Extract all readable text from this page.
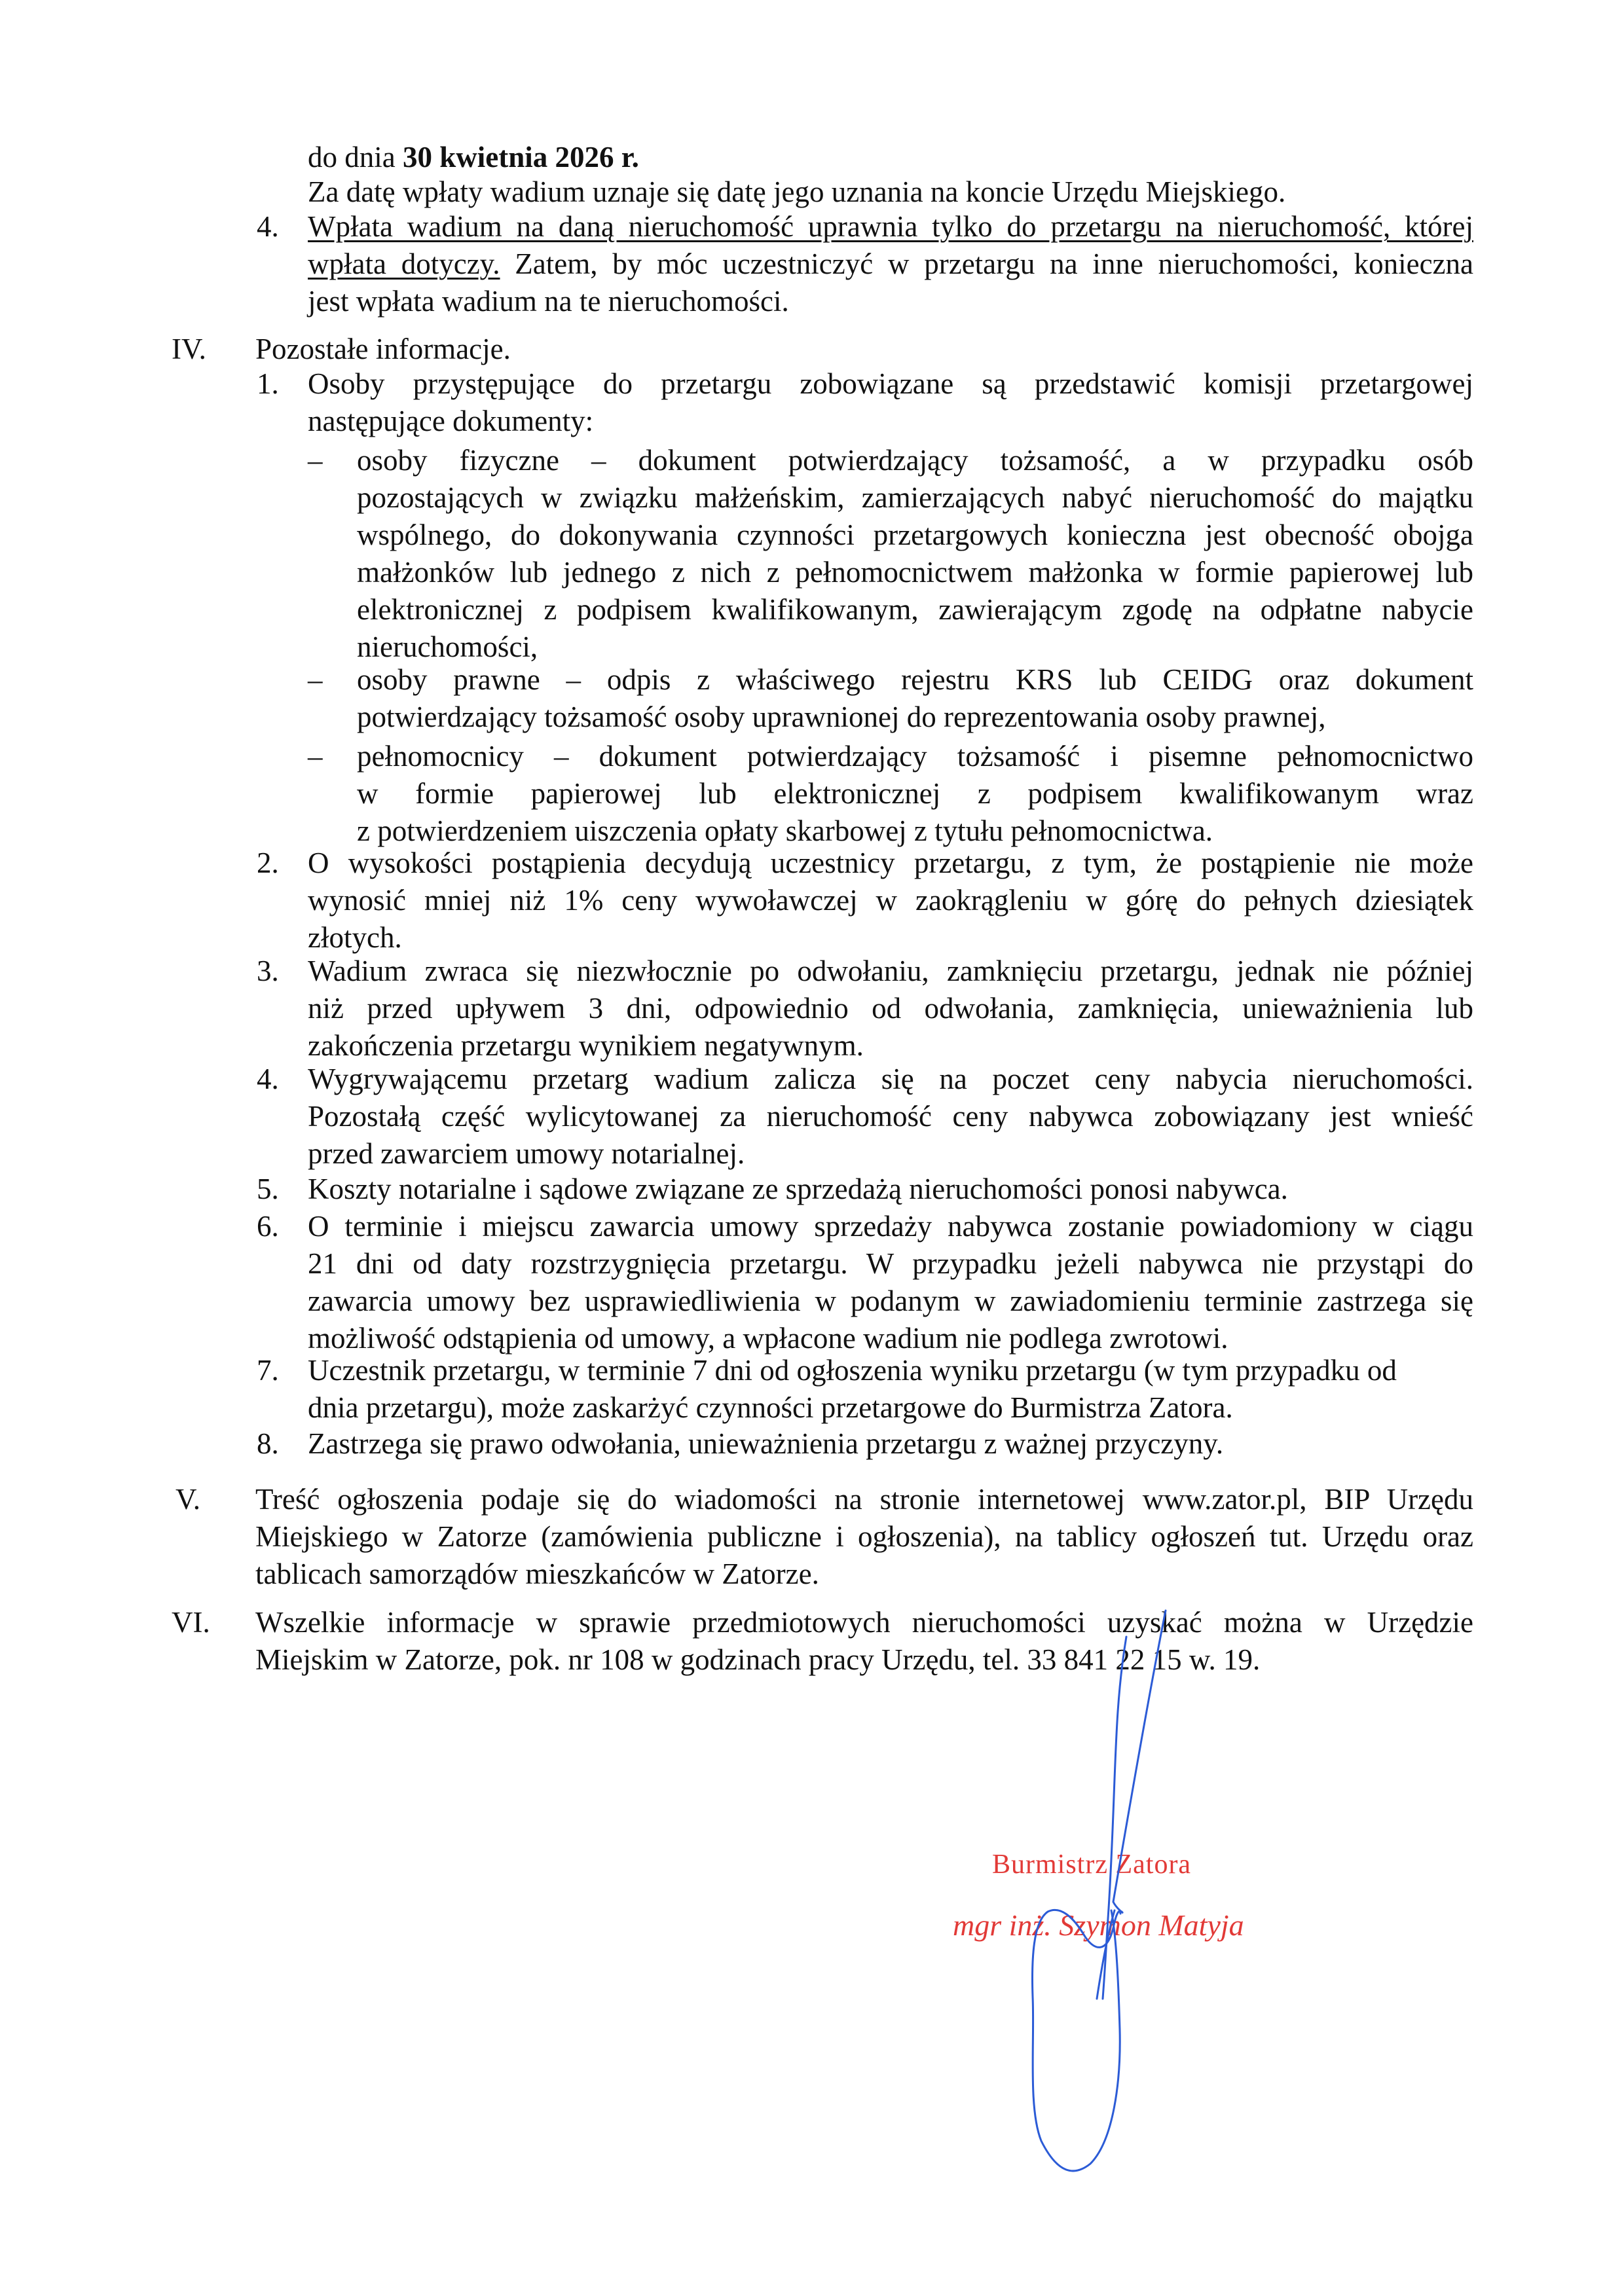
do dnia 30 kwietnia 2026 r.
Za datę wpłaty wadium uznaje się datę jego uznania na koncie Urzędu Miejskiego.
4. Wpłata wadium na daną nieruchomość uprawnia tylko do przetargu na nieruchomość, której
wpłata dotyczy. Zatem, by móc uczestniczyć w przetargu na inne nieruchomości, konieczna
jest wpłata wadium na te nieruchomości.
IV. Pozostałe informacje.
1. Osoby przystępujące do przetargu zobowiązane są przedstawić komisji przetargowej
następujące dokumenty:
– osoby fizyczne – dokument potwierdzający tożsamość, a w przypadku osób
pozostających w związku małżeńskim, zamierzających nabyć nieruchomość do majątku
wspólnego, do dokonywania czynności przetargowych konieczna jest obecność obojga
małżonków lub jednego z nich z pełnomocnictwem małżonka w formie papierowej lub
elektronicznej z podpisem kwalifikowanym, zawierającym zgodę na odpłatne nabycie
nieruchomości,
– osoby prawne – odpis z właściwego rejestru KRS lub CEIDG oraz dokument
potwierdzający tożsamość osoby uprawnionej do reprezentowania osoby prawnej,
– pełnomocnicy – dokument potwierdzający tożsamość i pisemne pełnomocnictwo
w formie papierowej lub elektronicznej z podpisem kwalifikowanym wraz
z potwierdzeniem uiszczenia opłaty skarbowej z tytułu pełnomocnictwa.
2. O wysokości postąpienia decydują uczestnicy przetargu, z tym, że postąpienie nie może
wynosić mniej niż 1% ceny wywoławczej w zaokrągleniu w górę do pełnych dziesiątek
złotych.
3. Wadium zwraca się niezwłocznie po odwołaniu, zamknięciu przetargu, jednak nie później
niż przed upływem 3 dni, odpowiednio od odwołania, zamknięcia, unieważnienia lub
zakończenia przetargu wynikiem negatywnym.
4. Wygrywającemu przetarg wadium zalicza się na poczet ceny nabycia nieruchomości.
Pozostałą część wylicytowanej za nieruchomość ceny nabywca zobowiązany jest wnieść
przed zawarciem umowy notarialnej.
5. Koszty notarialne i sądowe związane ze sprzedażą nieruchomości ponosi nabywca.
6. O terminie i miejscu zawarcia umowy sprzedaży nabywca zostanie powiadomiony w ciągu
21 dni od daty rozstrzygnięcia przetargu. W przypadku jeżeli nabywca nie przystąpi do
zawarcia umowy bez usprawiedliwienia w podanym w zawiadomieniu terminie zastrzega się
możliwość odstąpienia od umowy, a wpłacone wadium nie podlega zwrotowi.
7. Uczestnik przetargu, w terminie 7 dni od ogłoszenia wyniku przetargu (w tym przypadku od
dnia przetargu), może zaskarżyć czynności przetargowe do Burmistrza Zatora.
8. Zastrzega się prawo odwołania, unieważnienia przetargu z ważnej przyczyny.
V. Treść ogłoszenia podaje się do wiadomości na stronie internetowej www.zator.pl, BIP Urzędu
Miejskiego w Zatorze (zamówienia publiczne i ogłoszenia), na tablicy ogłoszeń tut. Urzędu oraz
tablicach samorządów mieszkańców w Zatorze.
VI. Wszelkie informacje w sprawie przedmiotowych nieruchomości uzyskać można w Urzędzie
Miejskim w Zatorze, pok. nr 108 w godzinach pracy Urzędu, tel. 33 841 22 15 w. 19.
Burmistrz Zatora
mgr inż. Szymon Matyja
